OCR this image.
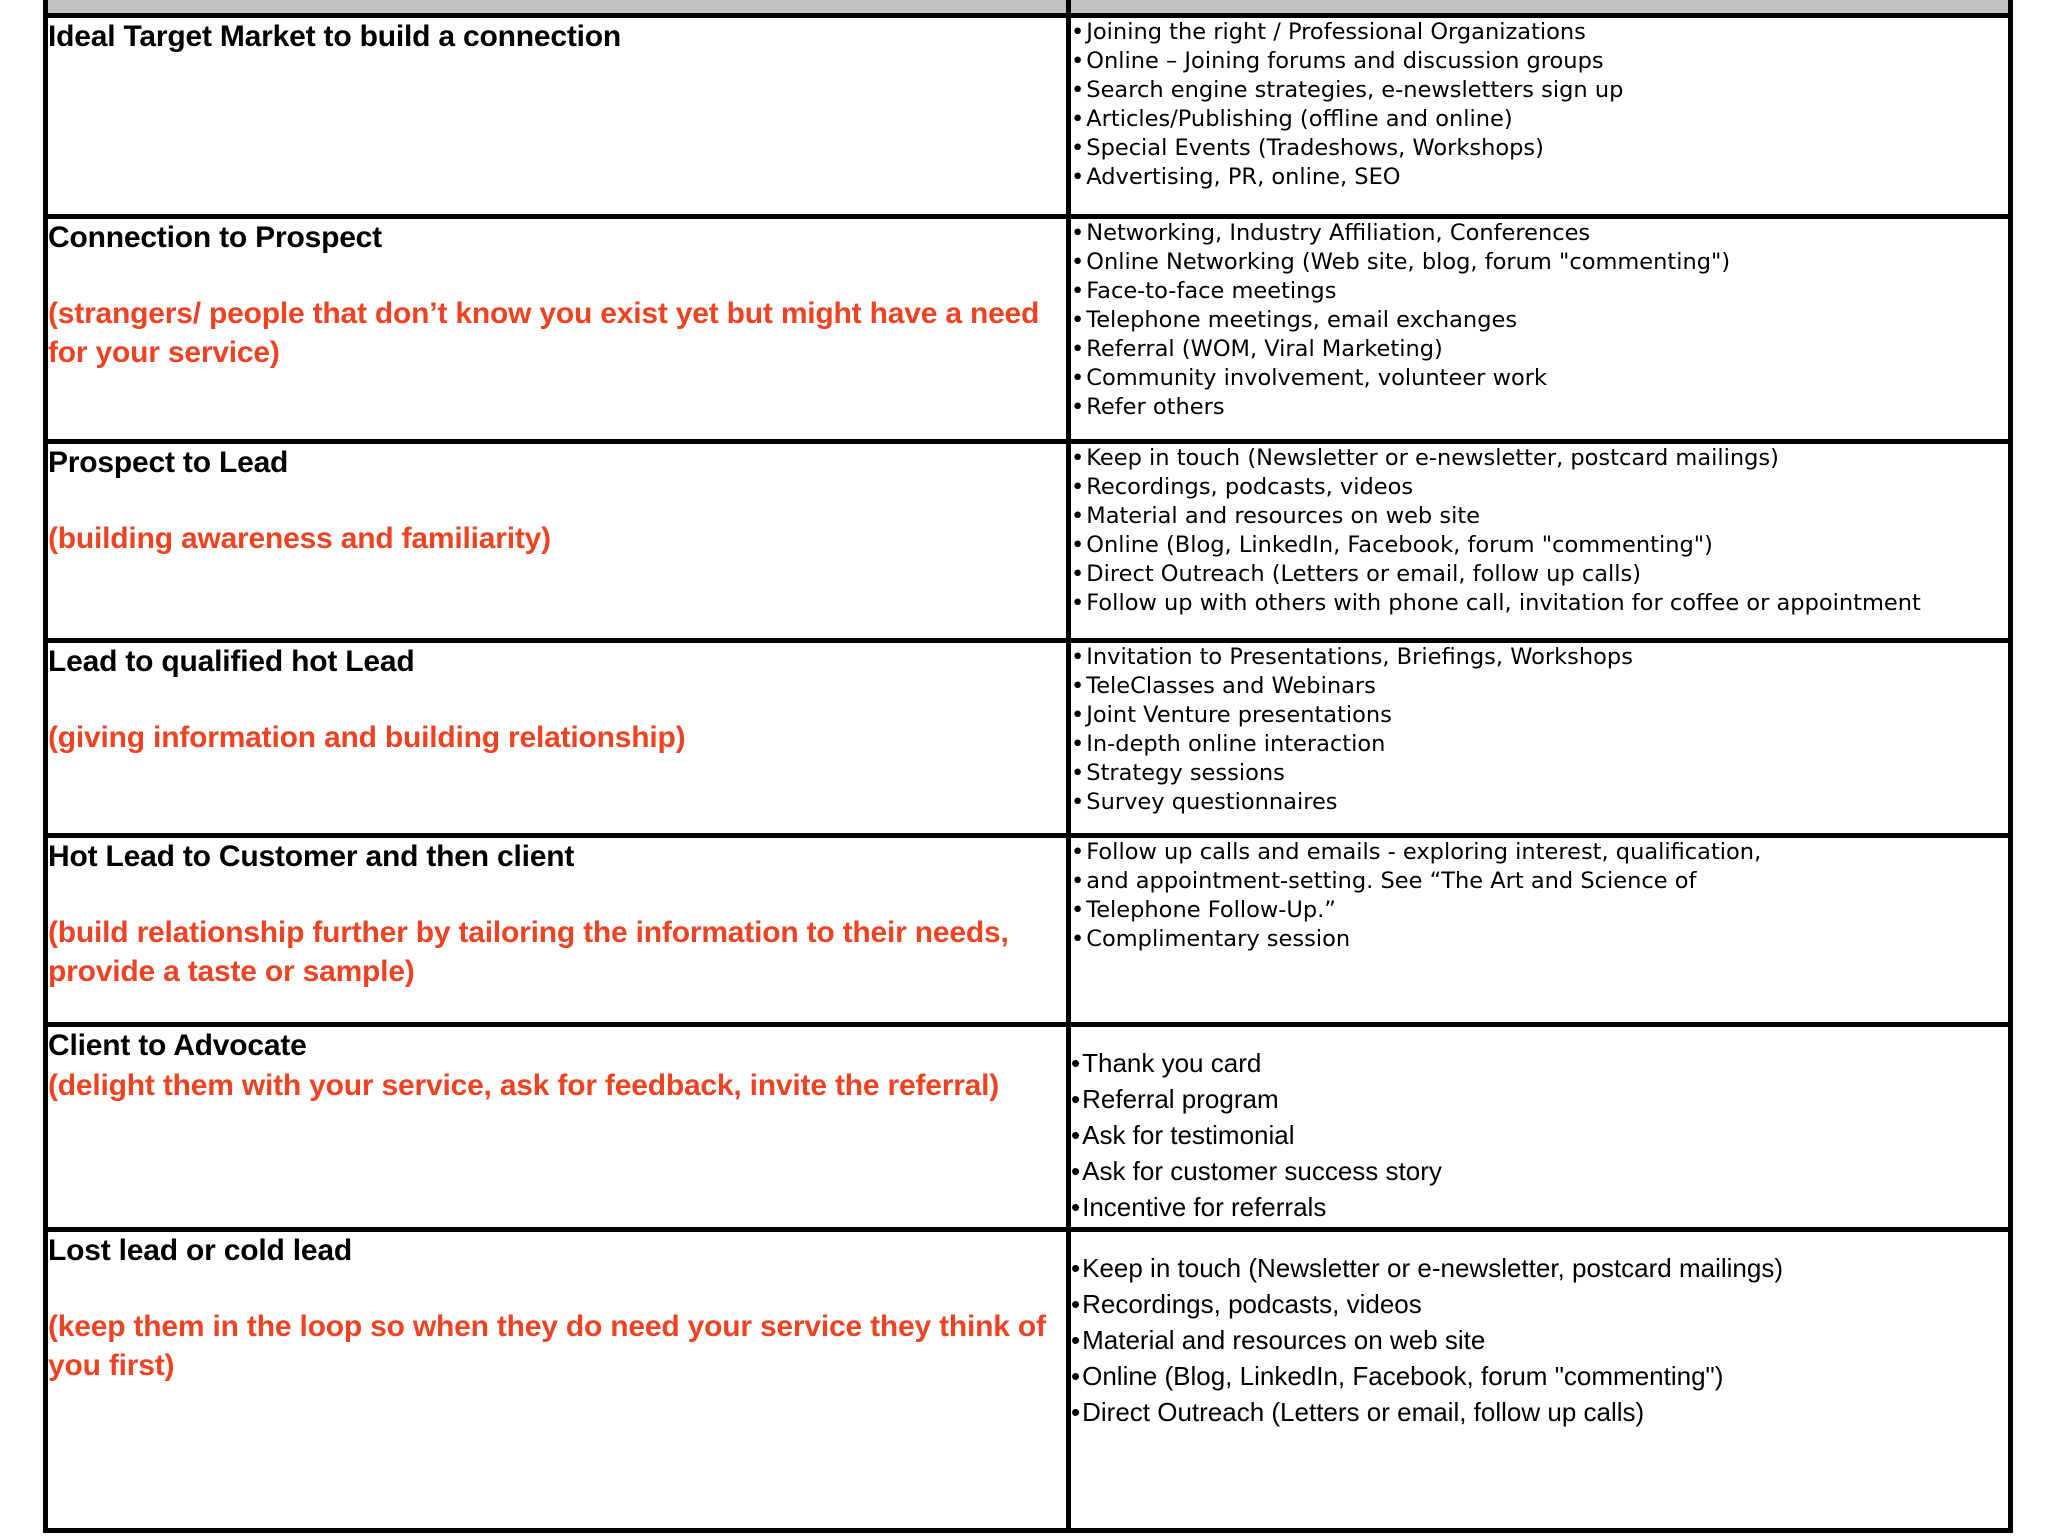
Ideal Target Market to build a connection

•Joining the right / Professional Organizations
• Online – Joining forums and discussion groups
• Search engine strategies, e-newsletters sign up
• Articles/Publishing (offline and online)
• Special Events (Tradeshows, Workshops)
• Advertising, PR, online, SEO

Connection to Prospect
(strangers/ people that don’t know you exist yet but might have a need for your service)

• Networking, Industry Affiliation, Conferences
• Online Networking (Web site, blog, forum "commenting")
• Face-to-face meetings
• Telephone meetings, email exchanges
• Referral (WOM, Viral Marketing)
• Community involvement, volunteer work
• Refer others

Prospect to Lead
(building awareness and familiarity)

• Keep in touch (Newsletter or e-newsletter, postcard mailings)
• Recordings, podcasts, videos
• Material and resources on web site
• Online (Blog, LinkedIn, Facebook, forum "commenting")
• Direct Outreach (Letters or email, follow up calls)
• Follow up with others with phone call, invitation for coffee or appointment

Lead to qualified hot Lead
(giving information and building relationship)

• Invitation to Presentations, Briefings, Workshops
• TeleClasses and Webinars
• Joint Venture presentations
• In-depth online interaction
• Strategy sessions
• Survey questionnaires

Hot Lead to Customer and then client
(build relationship further by tailoring the information to their needs, provide a taste or sample)

• Follow up calls and emails - exploring interest, qualification,
• and appointment-setting. See “The Art and Science of
• Telephone Follow-Up.”
• Complimentary session

Client to Advocate
(delight them with your service, ask for feedback, invite the referral)

• Thank you card
• Referral program
• Ask for testimonial
• Ask for customer success story
• Incentive for referrals

Lost lead or cold lead
(keep them in the loop so when they do need your service they think of you first)

• Keep in touch (Newsletter or e-newsletter, postcard mailings)
• Recordings, podcasts, videos
• Material and resources on web site
• Online (Blog, LinkedIn, Facebook, forum "commenting")
• Direct Outreach (Letters or email, follow up calls)
